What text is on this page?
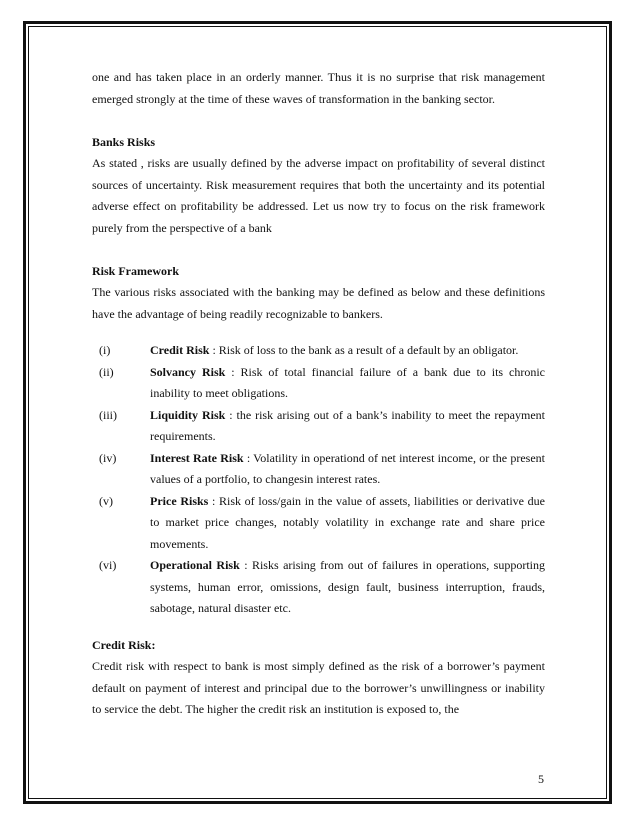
one and has taken place in an orderly manner. Thus it is no surprise that risk management emerged strongly at the time of these waves of transformation in the banking sector.

Banks Risks

As stated , risks are usually defined by the adverse impact on profitability of several distinct sources of uncertainty. Risk measurement requires that both the uncertainty and its potential adverse effect on profitability be addressed. Let us now try to focus on the risk framework purely from the perspective of a bank

Risk Framework

The various risks associated with the banking may be defined as below and these definitions have the advantage of being readily recognizable to bankers.

(i)	Credit Risk : Risk of loss to the bank as a result of a default by an obligator.
(ii)	Solvancy Risk : Risk of total financial failure of a bank due to its chronic inability to meet obligations.
(iii)	Liquidity Risk : the risk arising out of a bank’s inability to meet the repayment requirements.
(iv)	Interest Rate Risk : Volatility in operationd of net interest income, or the present values of a portfolio, to changesin interest rates.
(v)	Price Risks : Risk of loss/gain in the value of assets, liabilities or derivative due to market price changes, notably volatility in exchange rate and share price movements.
(vi)	Operational Risk : Risks arising from out of failures in operations, supporting systems, human error, omissions, design fault, business interruption, frauds, sabotage, natural disaster etc.

Credit Risk:

Credit risk with respect to bank is most simply defined as the risk of a borrower’s payment default on payment of interest and principal due to the borrower’s unwillingness or inability to service the debt. The higher the credit risk an institution is exposed to, the

5
